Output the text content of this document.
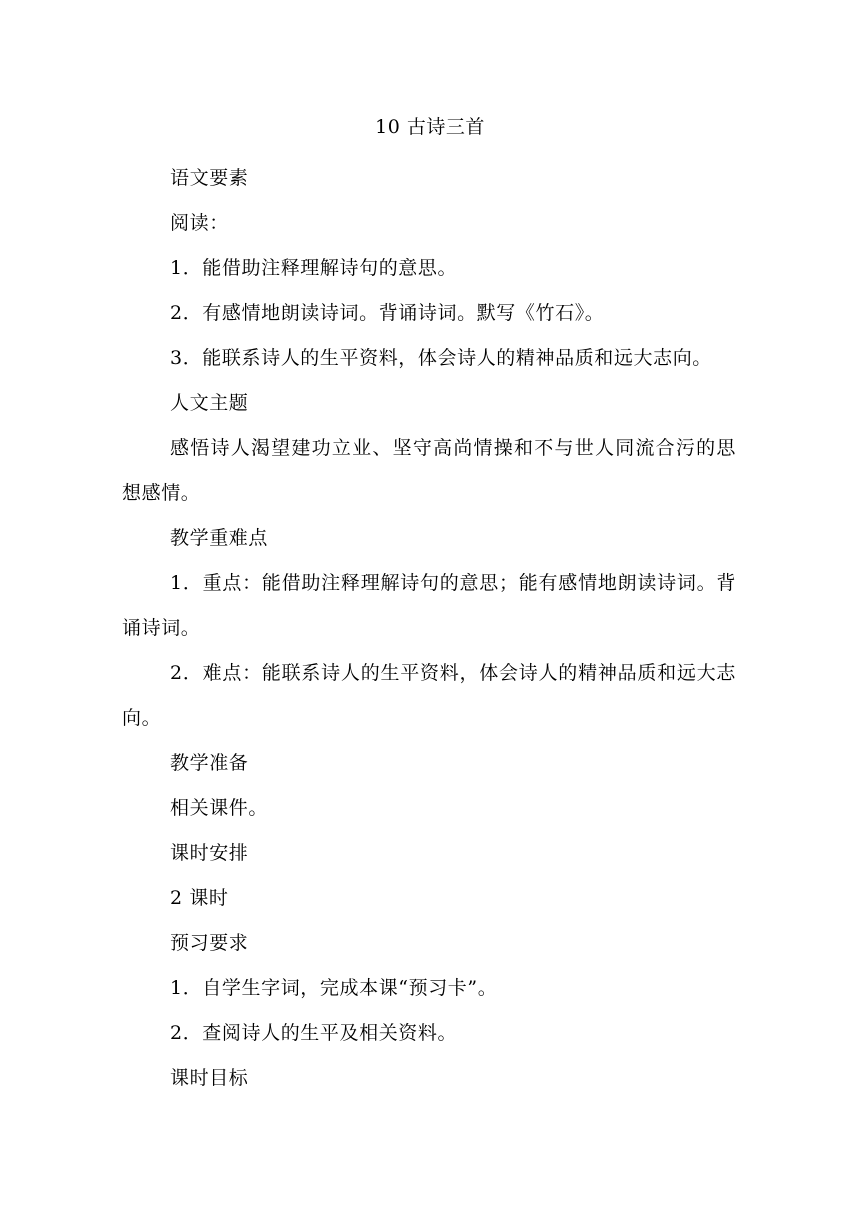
10 古诗三首

语文要素

阅读：

1．能借助注释理解诗句的意思。

2．有感情地朗读诗词。背诵诗词。默写《竹石》。

3．能联系诗人的生平资料，体会诗人的精神品质和远大志向。

人文主题

感悟诗人渴望建功立业、坚守高尚情操和不与世人同流合污的思想感情。

教学重难点

1．重点：能借助注释理解诗句的意思；能有感情地朗读诗词。背诵诗词。

2．难点：能联系诗人的生平资料，体会诗人的精神品质和远大志向。

教学准备

相关课件。

课时安排

2 课时

预习要求

1．自学生字词，完成本课“预习卡”。

2．查阅诗人的生平及相关资料。

课时目标
